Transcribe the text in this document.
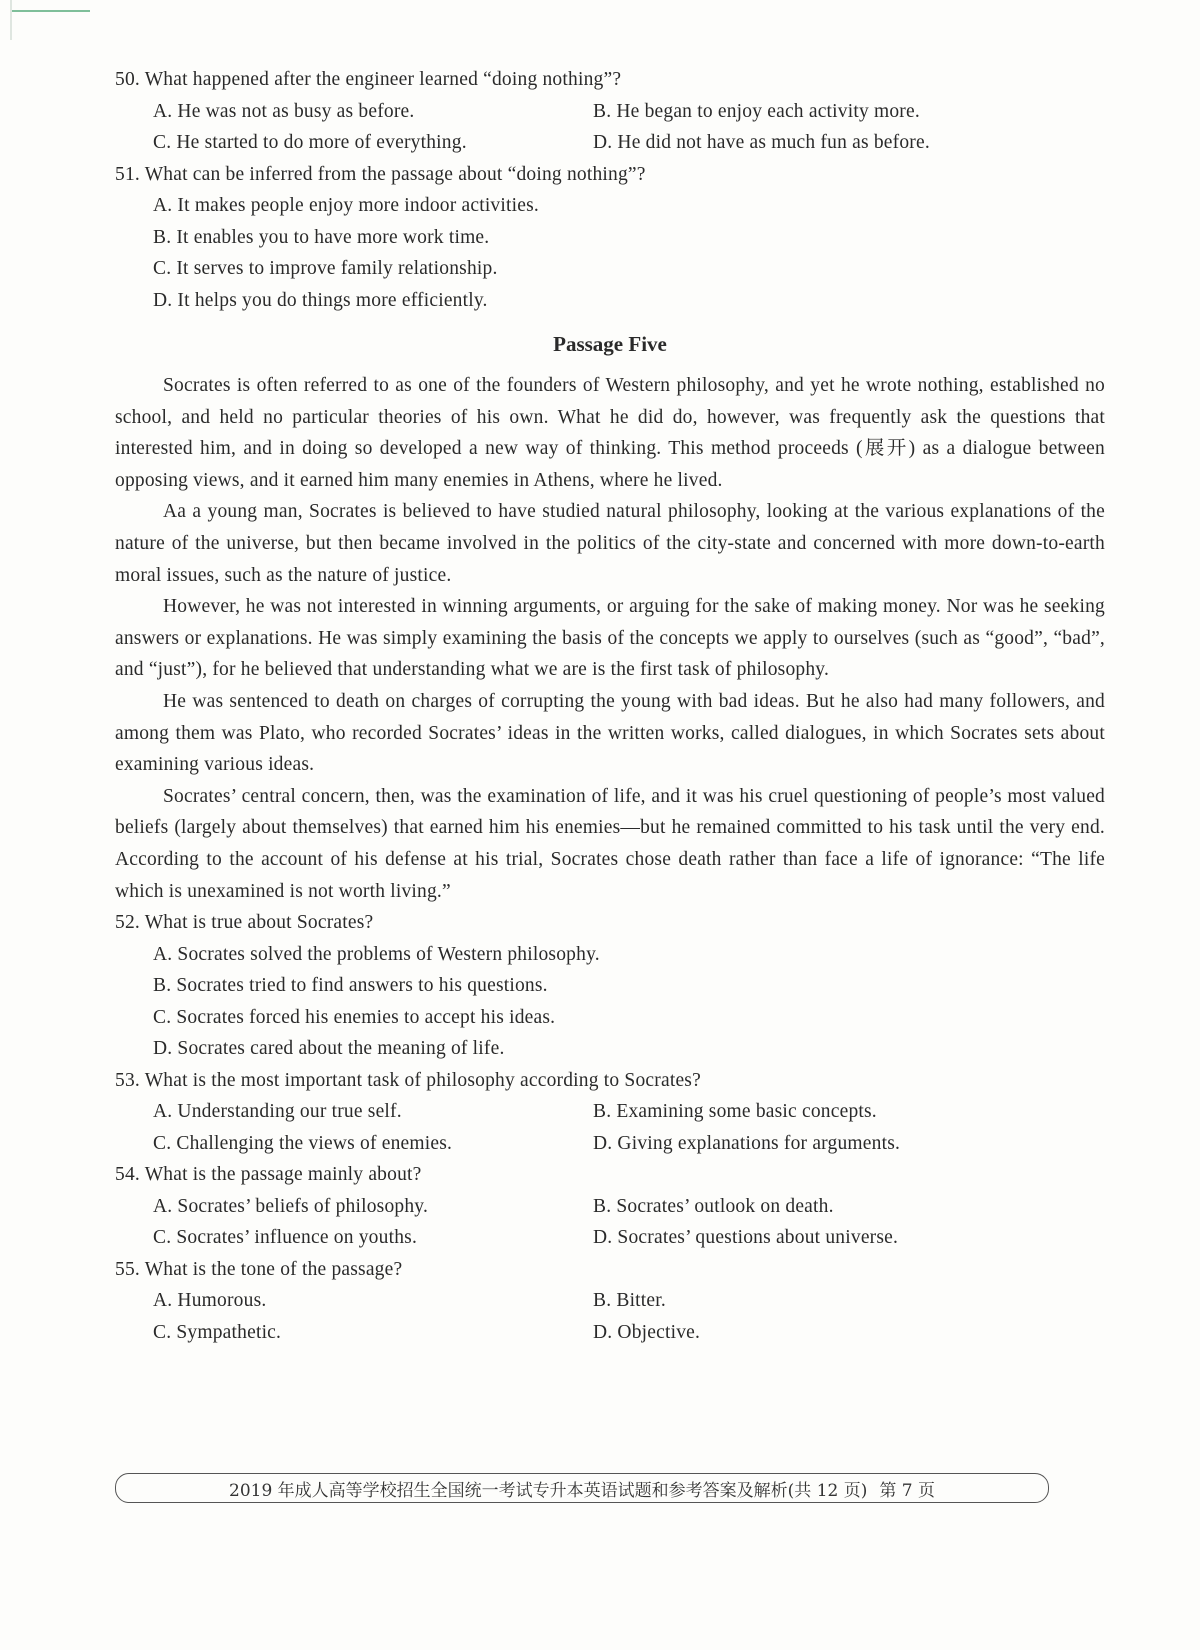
50. What happened after the engineer learned “doing nothing”?
A. He was not as busy as before.	B. He began to enjoy each activity more.
C. He started to do more of everything.	D. He did not have as much fun as before.
51. What can be inferred from the passage about “doing nothing”?
A. It makes people enjoy more indoor activities.
B. It enables you to have more work time.
C. It serves to improve family relationship.
D. It helps you do things more efficiently.
Passage Five

Socrates is often referred to as one of the founders of Western philosophy, and yet he wrote nothing, established no school, and held no particular theories of his own. What he did do, however, was frequently ask the questions that interested him, and in doing so developed a new way of thinking. This method proceeds (展开) as a dialogue between opposing views, and it earned him many enemies in Athens, where he lived.

Aa a young man, Socrates is believed to have studied natural philosophy, looking at the various explanations of the nature of the universe, but then became involved in the politics of the city-state and concerned with more down-to-earth moral issues, such as the nature of justice.

However, he was not interested in winning arguments, or arguing for the sake of making money. Nor was he seeking answers or explanations. He was simply examining the basis of the concepts we apply to ourselves (such as “good”, “bad”, and “just”), for he believed that understanding what we are is the first task of philosophy.

He was sentenced to death on charges of corrupting the young with bad ideas. But he also had many followers, and among them was Plato, who recorded Socrates’ ideas in the written works, called dialogues, in which Socrates sets about examining various ideas.

Socrates’ central concern, then, was the examination of life, and it was his cruel questioning of people’s most valued beliefs (largely about themselves) that earned him his enemies—but he remained committed to his task until the very end. According to the account of his defense at his trial, Socrates chose death rather than face a life of ignorance: “The life which is unexamined is not worth living.”

52. What is true about Socrates?
A. Socrates solved the problems of Western philosophy.
B. Socrates tried to find answers to his questions.
C. Socrates forced his enemies to accept his ideas.
D. Socrates cared about the meaning of life.
53. What is the most important task of philosophy according to Socrates?
A. Understanding our true self.	B. Examining some basic concepts.
C. Challenging the views of enemies.	D. Giving explanations for arguments.
54. What is the passage mainly about?
A. Socrates’ beliefs of philosophy.	B. Socrates’ outlook on death.
C. Socrates’ influence on youths.	D. Socrates’ questions about universe.
55. What is the tone of the passage?
A. Humorous.	B. Bitter.
C. Sympathetic.	D. Objective.
2019 年成人高等学校招生全国统一考试专升本英语试题和参考答案及解析(共 12 页) 第 7 页
